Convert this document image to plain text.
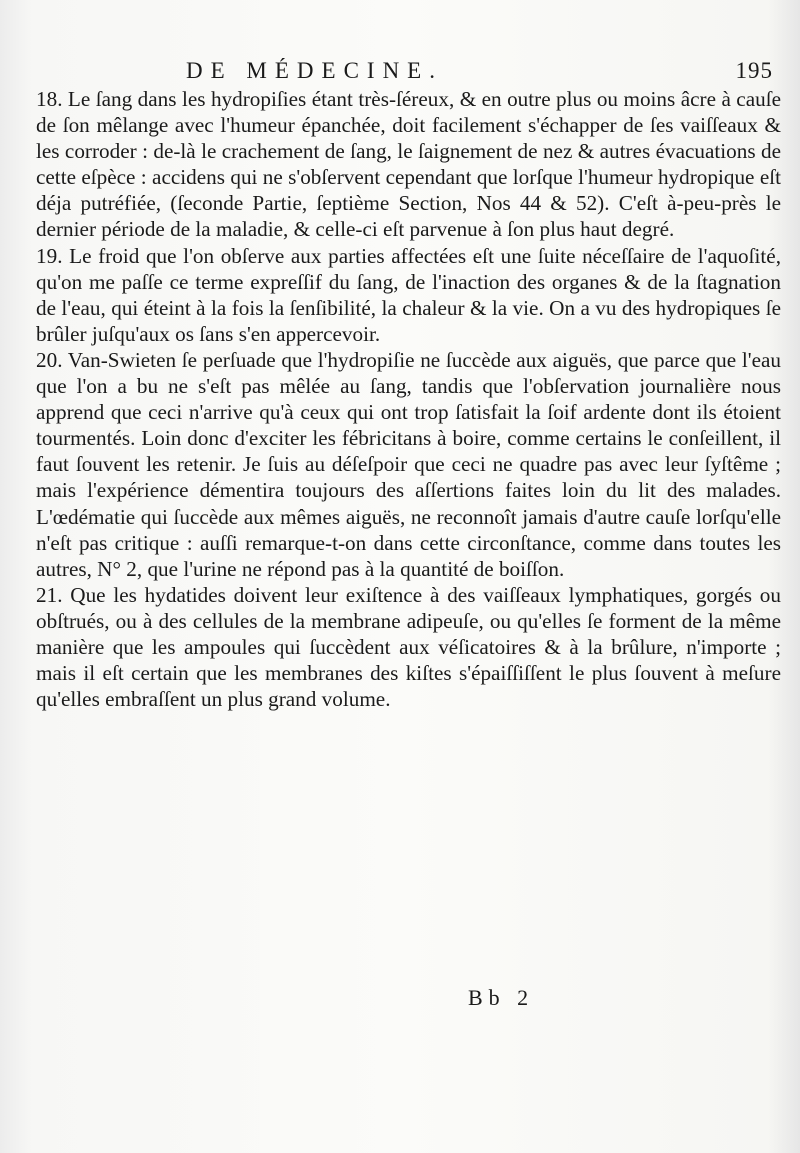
DE MÉDECINE.	195

18. Le ſang dans les hydropiſies étant très-ſéreux, & en outre plus ou moins âcre à cauſe de ſon mêlange avec l'humeur épanchée, doit facilement s'échapper de ſes vaiſſeaux & les corroder : de-là le crachement de ſang, le ſaignement de nez & autres évacuations de cette eſpèce : accidens qui ne s'obſervent cependant que lorſque l'humeur hydropique eſt déja putréfiée, (ſeconde Partie, ſeptième Section, Nos 44 & 52). C'eſt à-peu-près le dernier période de la maladie, & celle-ci eſt parvenue à ſon plus haut degré.

19. Le froid que l'on obſerve aux parties affectées eſt une ſuite néceſſaire de l'aquoſité, qu'on me paſſe ce terme expreſſif du ſang, de l'inaction des organes & de la ſtagnation de l'eau, qui éteint à la fois la ſenſibilité, la chaleur & la vie. On a vu des hydropiques ſe brûler juſqu'aux os ſans s'en appercevoir.

20. Van-Swieten ſe perſuade que l'hydropiſie ne ſuccède aux aiguës, que parce que l'eau que l'on a bu ne s'eſt pas mêlée au ſang, tandis que l'obſervation journalière nous apprend que ceci n'arrive qu'à ceux qui ont trop ſatisfait la ſoif ardente dont ils étoient tourmentés. Loin donc d'exciter les fébricitans à boire, comme certains le conſeillent, il faut ſouvent les retenir. Je ſuis au déſeſpoir que ceci ne quadre pas avec leur ſyſtême ; mais l'expérience démentira toujours des aſſertions faites loin du lit des malades. L'œdématie qui ſuccède aux mêmes aiguës, ne reconnoît jamais d'autre cauſe lorſqu'elle n'eſt pas critique : auſſi remarque-t-on dans cette circonſtance, comme dans toutes les autres, N° 2, que l'urine ne répond pas à la quantité de boiſſon.

21. Que les hydatides doivent leur exiſtence à des vaiſſeaux lymphatiques, gorgés ou obſtrués, ou à des cellules de la membrane adipeuſe, ou qu'elles ſe forment de la même manière que les ampoules qui ſuccèdent aux véſicatoires & à la brûlure, n'importe ; mais il eſt certain que les membranes des kiſtes s'épaiſſiſſent le plus ſouvent à meſure qu'elles embraſſent un plus grand volume.

Bb 2
